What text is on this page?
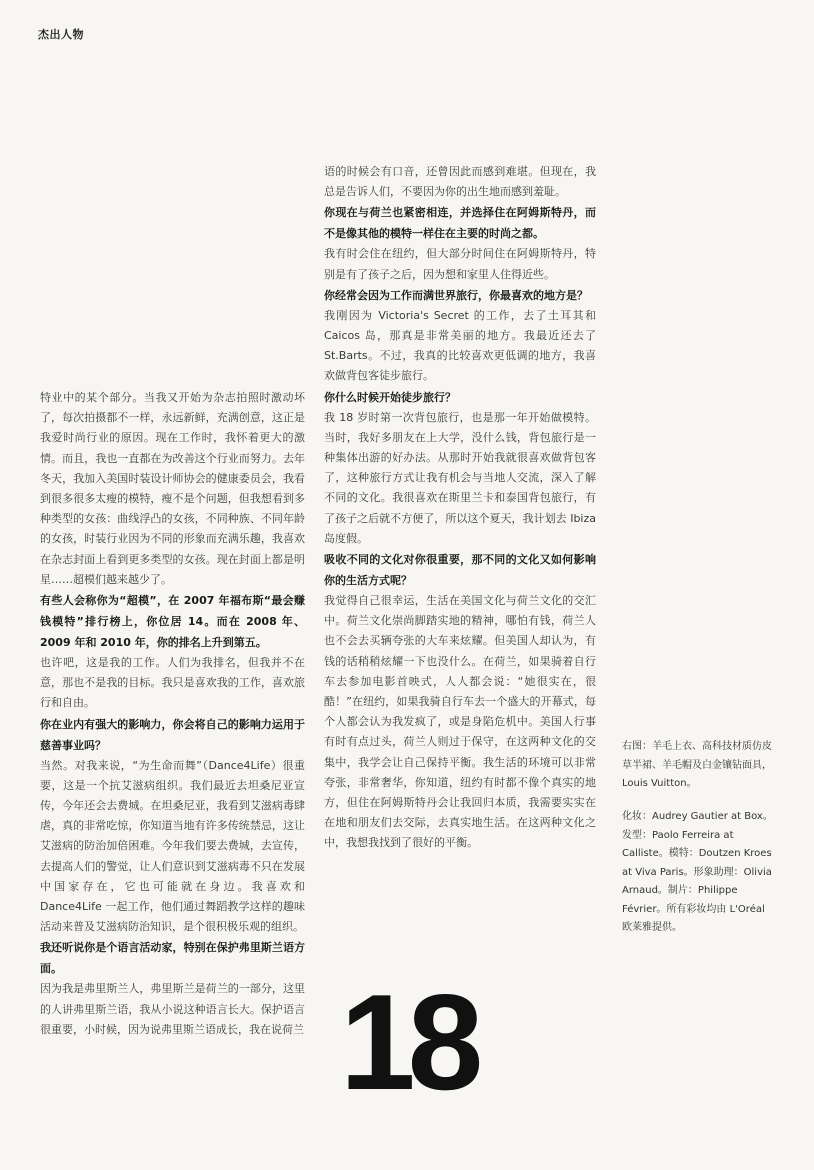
杰出人物

特业中的某个部分。当我又开始为杂志拍照时激动坏了，每次拍摄都不一样，永远新鲜，充满创意，这正是我爱时尚行业的原因。现在工作时，我怀着更大的激情。而且，我也一直都在为改善这个行业而努力。去年冬天，我加入美国时装设计师协会的健康委员会，我看到很多很多太瘦的模特，瘦不是个问题，但我想看到多种类型的女孩：曲线浮凸的女孩，不同种族、不同年龄的女孩，时装行业因为不同的形象而充满乐趣，我喜欢在杂志封面上看到更多类型的女孩。现在封面上都是明星……超模们越来越少了。

有些人会称你为“超模”，在 2007 年福布斯“最会赚钱模特”排行榜上，你位居 14。而在 2008 年、2009 年和 2010 年，你的排名上升到第五。

也许吧，这是我的工作。人们为我排名，但我并不在意，那也不是我的目标。我只是喜欢我的工作，喜欢旅行和自由。

你在业内有强大的影响力，你会将自己的影响力运用于慈善事业吗？

当然。对我来说，“为生命而舞”（Dance4Life）很重要，这是一个抗艾滋病组织。我们最近去坦桑尼亚宣传，今年还会去费城。在坦桑尼亚，我看到艾滋病毒肆虐，真的非常吃惊，你知道当地有许多传统禁忌，这让艾滋病的防治加倍困难。今年我们要去费城，去宣传，去提高人们的警觉，让人们意识到艾滋病毒不只在发展中国家存在，它也可能就在身边。我喜欢和 Dance4Life 一起工作，他们通过舞蹈教学这样的趣味活动来普及艾滋病防治知识，是个很积极乐观的组织。

我还听说你是个语言活动家，特别在保护弗里斯兰语方面。

因为我是弗里斯兰人，弗里斯兰是荷兰的一部分，这里的人讲弗里斯兰语，我从小说这种语言长大。保护语言很重要，小时候，因为说弗里斯兰语成长，我在说荷兰

语的时候会有口音，还曾因此而感到难堪。但现在，我总是告诉人们，不要因为你的出生地而感到羞耻。

你现在与荷兰也紧密相连，并选择住在阿姆斯特丹，而不是像其他的模特一样住在主要的时尚之都。

我有时会住在纽约，但大部分时间住在阿姆斯特丹，特别是有了孩子之后，因为想和家里人住得近些。

你经常会因为工作而满世界旅行，你最喜欢的地方是？

我刚因为 Victoria's Secret 的工作，去了土耳其和 Caicos 岛，那真是非常美丽的地方。我最近还去了 St.Barts。不过，我真的比较喜欢更低调的地方，我喜欢做背包客徒步旅行。

你什么时候开始徒步旅行？

我 18 岁时第一次背包旅行，也是那一年开始做模特。当时，我好多朋友在上大学，没什么钱，背包旅行是一种集体出游的好办法。从那时开始我就很喜欢做背包客了，这种旅行方式让我有机会与当地人交流，深入了解不同的文化。我很喜欢在斯里兰卡和泰国背包旅行，有了孩子之后就不方便了，所以这个夏天，我计划去 Ibiza 岛度假。

吸收不同的文化对你很重要，那不同的文化又如何影响你的生活方式呢？

我觉得自己很幸运，生活在美国文化与荷兰文化的交汇中。荷兰文化崇尚脚踏实地的精神，哪怕有钱，荷兰人也不会去买辆夸张的大车来炫耀。但美国人却认为，有钱的话稍稍炫耀一下也没什么。在荷兰，如果骑着自行车去参加电影首映式，人人都会说：“她很实在，很酷！”在纽约，如果我骑自行车去一个盛大的开幕式，每个人都会认为我发疯了，或是身陷危机中。美国人行事有时有点过头，荷兰人则过于保守，在这两种文化的交集中，我学会让自己保持平衡。我生活的环境可以非常夸张，非常奢华，你知道，纽约有时都不像个真实的地方，但住在阿姆斯特丹会让我回归本质，我需要实实在在地和朋友们去交际，去真实地生活。在这两种文化之中，我想我找到了很好的平衡。

右图：羊毛上衣、高科技材质仿皮草半裙、羊毛帽及白金镶钻面具，Louis Vuitton。

化妆：Audrey Gautier at Box。发型：Paolo Ferreira at Calliste。模特：Doutzen Kroes at Viva Paris。形象助理：Olivia Arnaud。制片：Philippe Février。所有彩妆均由 L'Oréal 欧莱雅提供。

18
